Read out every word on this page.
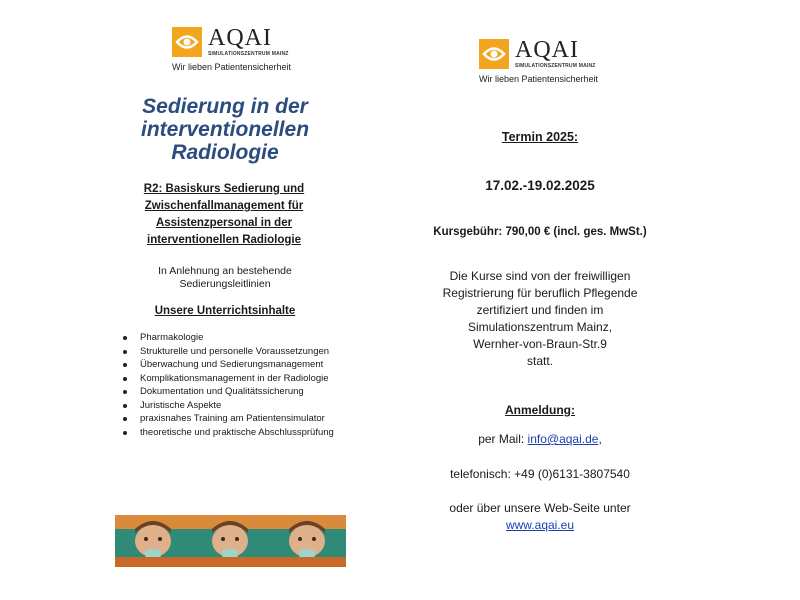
AQAI
SIMULATIONSZENTRUM MAINZ
Wir lieben Patientensicherheit
Sedierung in der
interventionellen
Radiologie
R2: Basiskurs Sedierung und
Zwischenfallmanagement für
Assistenzpersonal in der
interventionellen Radiologie
In Anlehnung an bestehende
Sedierungsleitlinien
Unsere Unterrichtsinhalte
Pharmakologie
Strukturelle und personelle Voraussetzungen
Überwachung und Sedierungsmanagement
Komplikationsmanagement in der Radiologie
Dokumentation und Qualitätssicherung
Juristische Aspekte
praxisnahes Training am Patientensimulator
theoretische und praktische Abschlussprüfung
AQAI
SIMULATIONSZENTRUM MAINZ
Wir lieben Patientensicherheit
Termin 2025:
17.02.-19.02.2025
Kursgebühr: 790,00 € (incl. ges. MwSt.)
Die Kurse sind von der freiwilligen
Registrierung für beruflich Pflegende
zertifiziert und finden im
Simulationszentrum Mainz,
Wernher-von-Braun-Str.9
statt.
Anmeldung:
per Mail: info@aqai.de,
telefonisch: +49 (0)6131-3807540
oder über unsere Web-Seite unter
www.aqai.eu
